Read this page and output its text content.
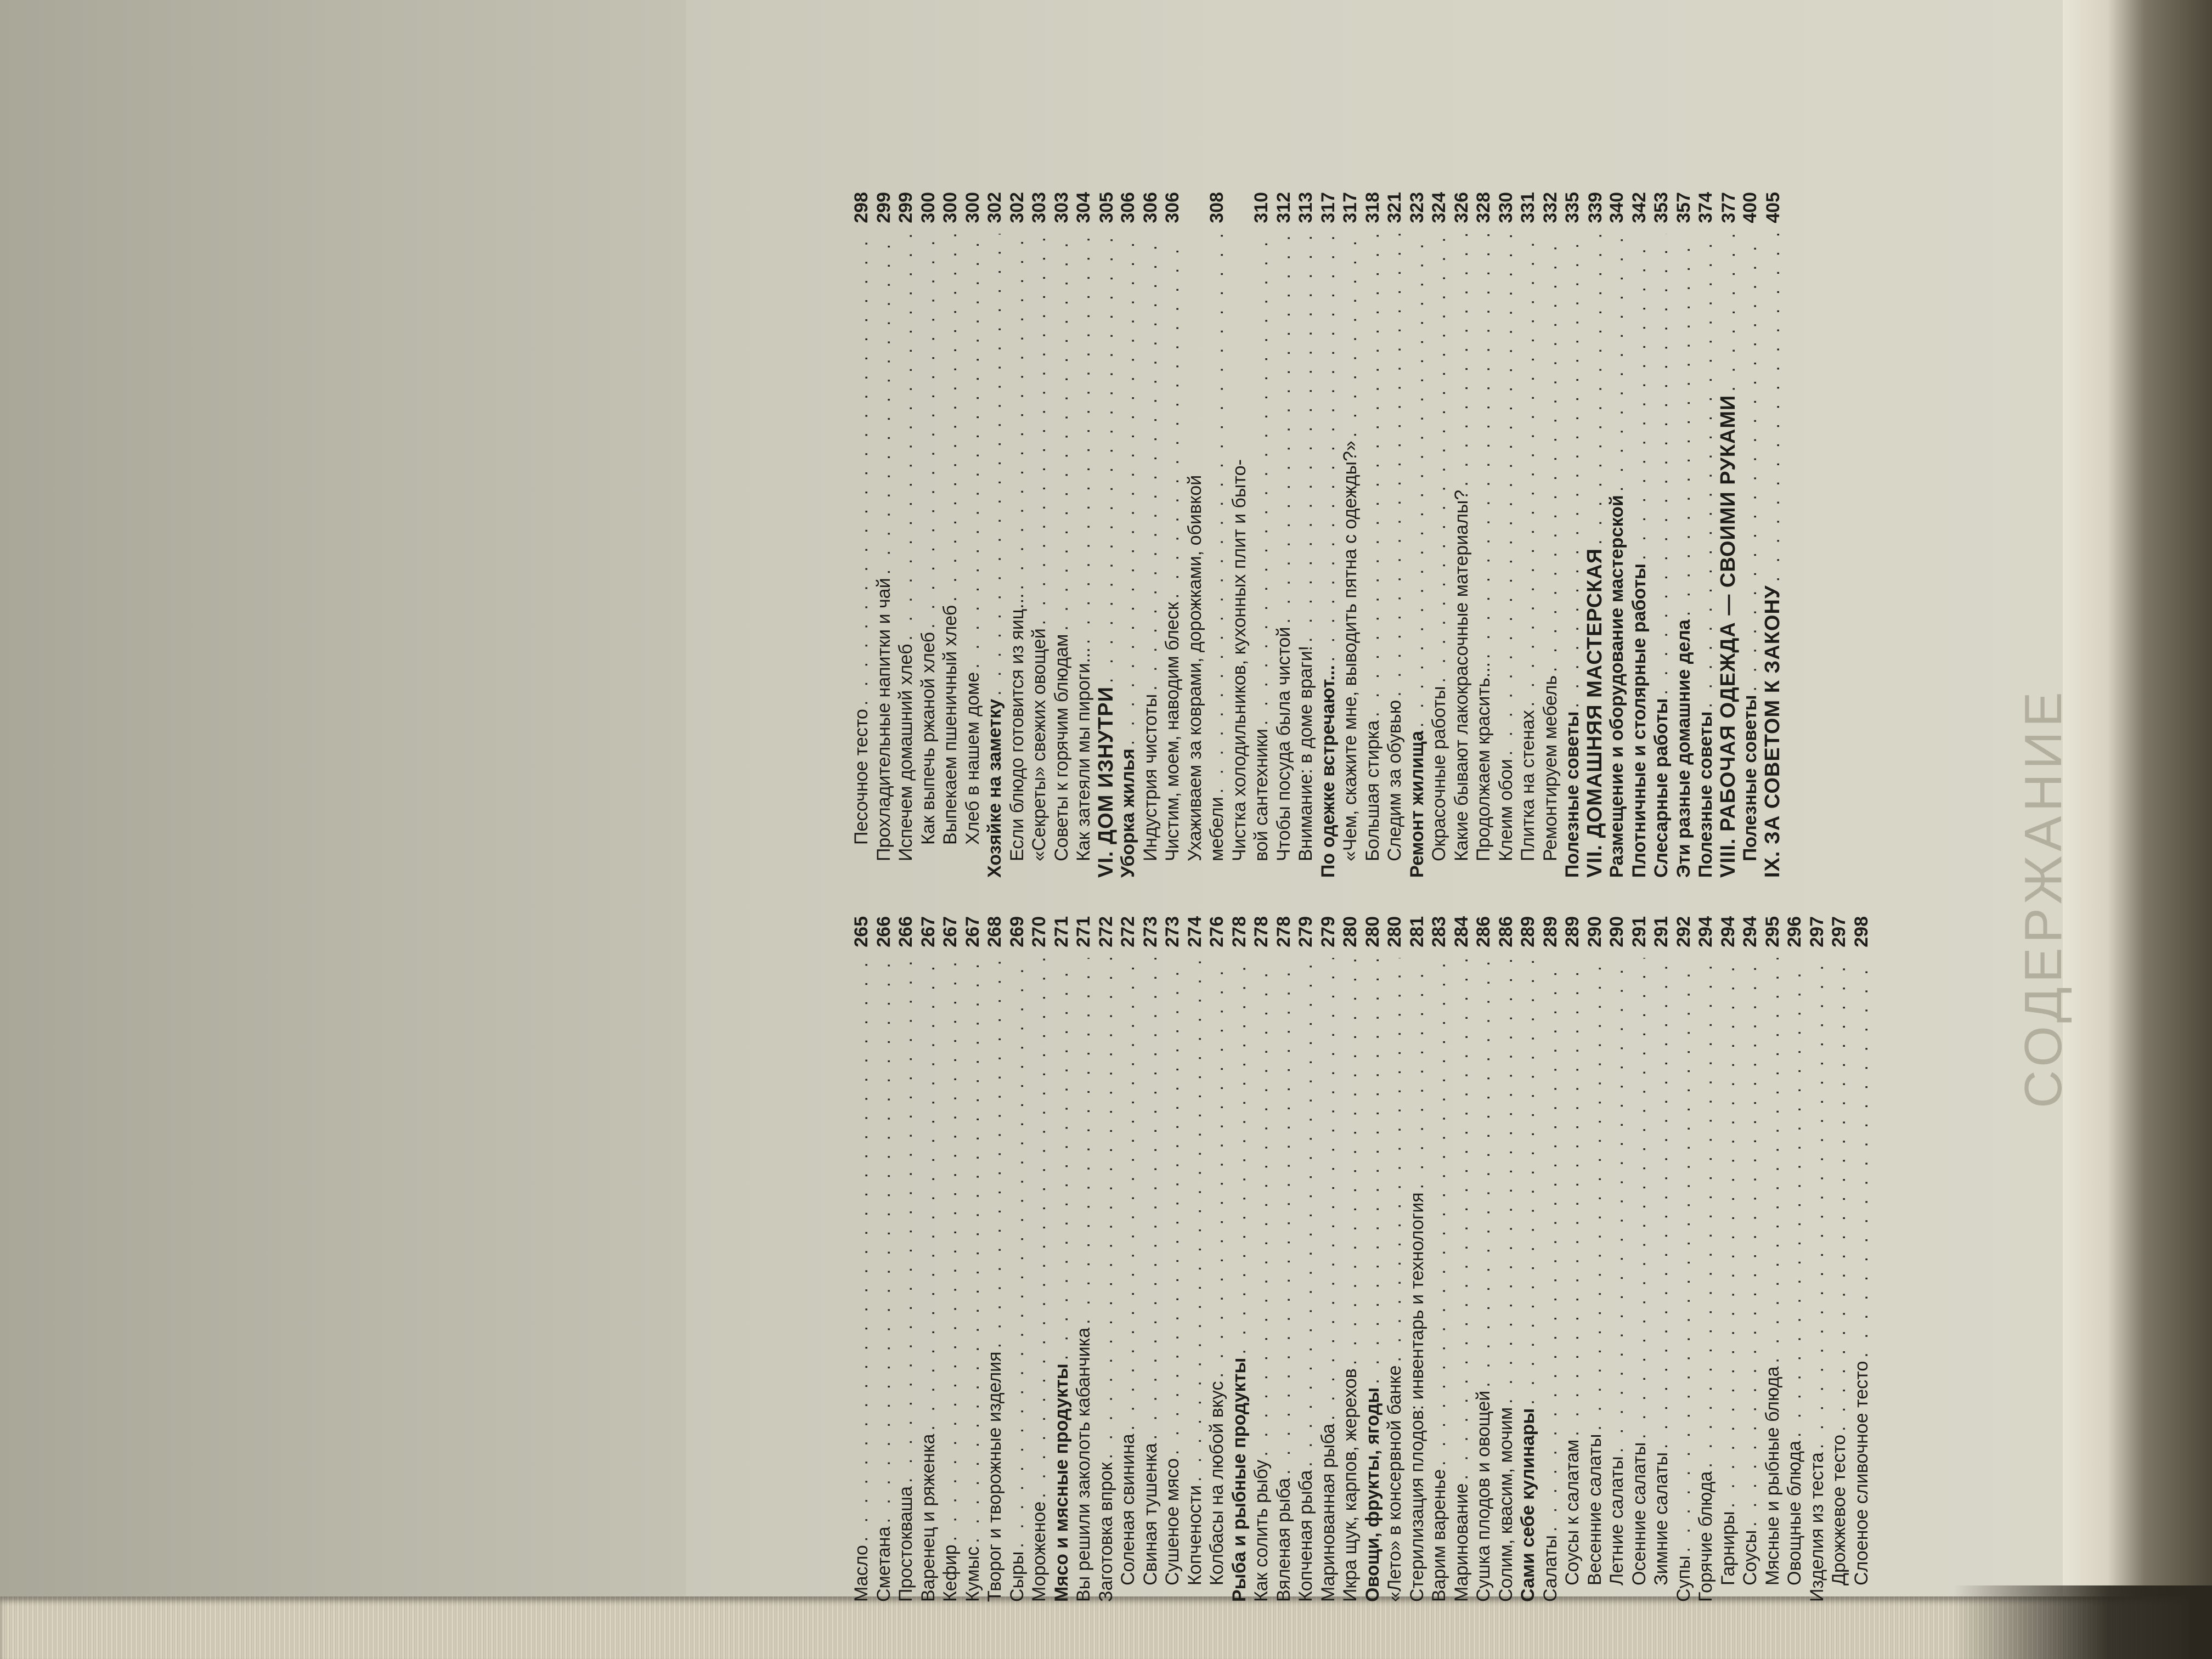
СОДЕРЖАНИЕ
Масло
. . .
265
Сметана
. . .
266
Простокваша
. . .
266
Варенец и ряженка
. . .
267
Кефир
. . .
267
Кумыс
. . .
267
Творог и творожные изделия
. . .
268
Сыры
. . .
269
Мороженое
. . .
270
Мясо и мясные продукты
. . .
271
Вы решили заколоть кабанчика
. . .
271
Заготовка впрок
. . .
272
Соленая свинина
. . .
272
Свиная тушенка
. . .
273
Сушеное мясо
. . .
273
Копчености
. . .
274
Колбасы на любой вкус
. . .
276
Рыба и рыбные продукты
. . .
278
Как солить рыбу
. . .
278
Вяленая рыба
. . .
278
Копченая рыба
. . .
279
Маринованная рыба
. . .
279
Икра щук, карпов, жерехов
. . .
280
Овощи, фрукты, ягоды
. . .
280
«Лето» в консервной банке
. . .
280
Стерилизация плодов: инвентарь и технология
. . .
281
Варим варенье
. . .
283
Маринование
. . .
284
Сушка плодов и овощей
. . .
286
Солим, квасим, мочим
. . .
286
Сами себе кулинары
. . .
289
Салаты
. . .
289
Соусы к салатам
. . .
289
Весенние салаты
. . .
290
Летние салаты
. . .
290
Осенние салаты
. . .
291
Зимние салаты
. . .
291
Супы
. . .
292
Горячие блюда
. . .
294
Гарниры
. . .
294
Соусы
. . .
294
Мясные и рыбные блюда
. . .
295
Овощные блюда
. . .
296
Изделия из теста
. . .
297
Дрожжевое тесто
. . .
297
Слоеное сливочное тесто
. . .
298
Песочное тесто
. . .
298
Прохладительные напитки и чай
. . .
299
Испечем домашний хлеб
. . .
299
Как выпечь ржаной хлеб
. . .
300
Выпекаем пшеничный хлеб
. . .
300
Хлеб в нашем доме
. . .
300
Хозяйке на заметку
. . .
302
Если блюдо готовится из яиц...
. . .
302
«Секреты» свежих овощей
. . .
303
Советы к горячим блюдам
. . .
303
Как затеяли мы пироги...
. . .
304
VI. ДОМ ИЗНУТРИ
. . .
305
Уборка жилья
. . .
306
Индустрия чистоты
. . .
306
Чистим, моем, наводим блеск
. . .
306
Ухаживаем за коврами, дорожками, обивкой мебели
. . .
308
Чистка холодильников, кухонных плит и быто- вой сантехники
. . .
310
Чтобы посуда была чистой
. . .
312
Внимание: в доме враги!
. . .
313
По одежке встречают...
. . .
317
«Чем, скажите мне, выводить пятна с одежды?»
. . .
317
Большая стирка
. . .
318
Следим за обувью
. . .
321
Ремонт жилища
. . .
323
Окрасочные работы
. . .
324
Какие бывают лакокрасочные материалы?
. . .
326
Продолжаем красить...
. . .
328
Клеим обои
. . .
330
Плитка на стенах
. . .
331
Ремонтируем мебель
. . .
332
Полезные советы
. . .
335
VII. ДОМАШНЯЯ МАСТЕРСКАЯ
. . .
339
Размещение и оборудование мастерской
. . .
340
Плотничные и столярные работы
. . .
342
Слесарные работы
. . .
353
Эти разные домашние дела
. . .
357
Полезные советы
. . .
374
VIII. РАБОЧАЯ ОДЕЖДА — СВОИМИ РУКАМИ
. . .
377
Полезные советы
. . .
400
IX. ЗА СОВЕТОМ К ЗАКОНУ
. . .
405
